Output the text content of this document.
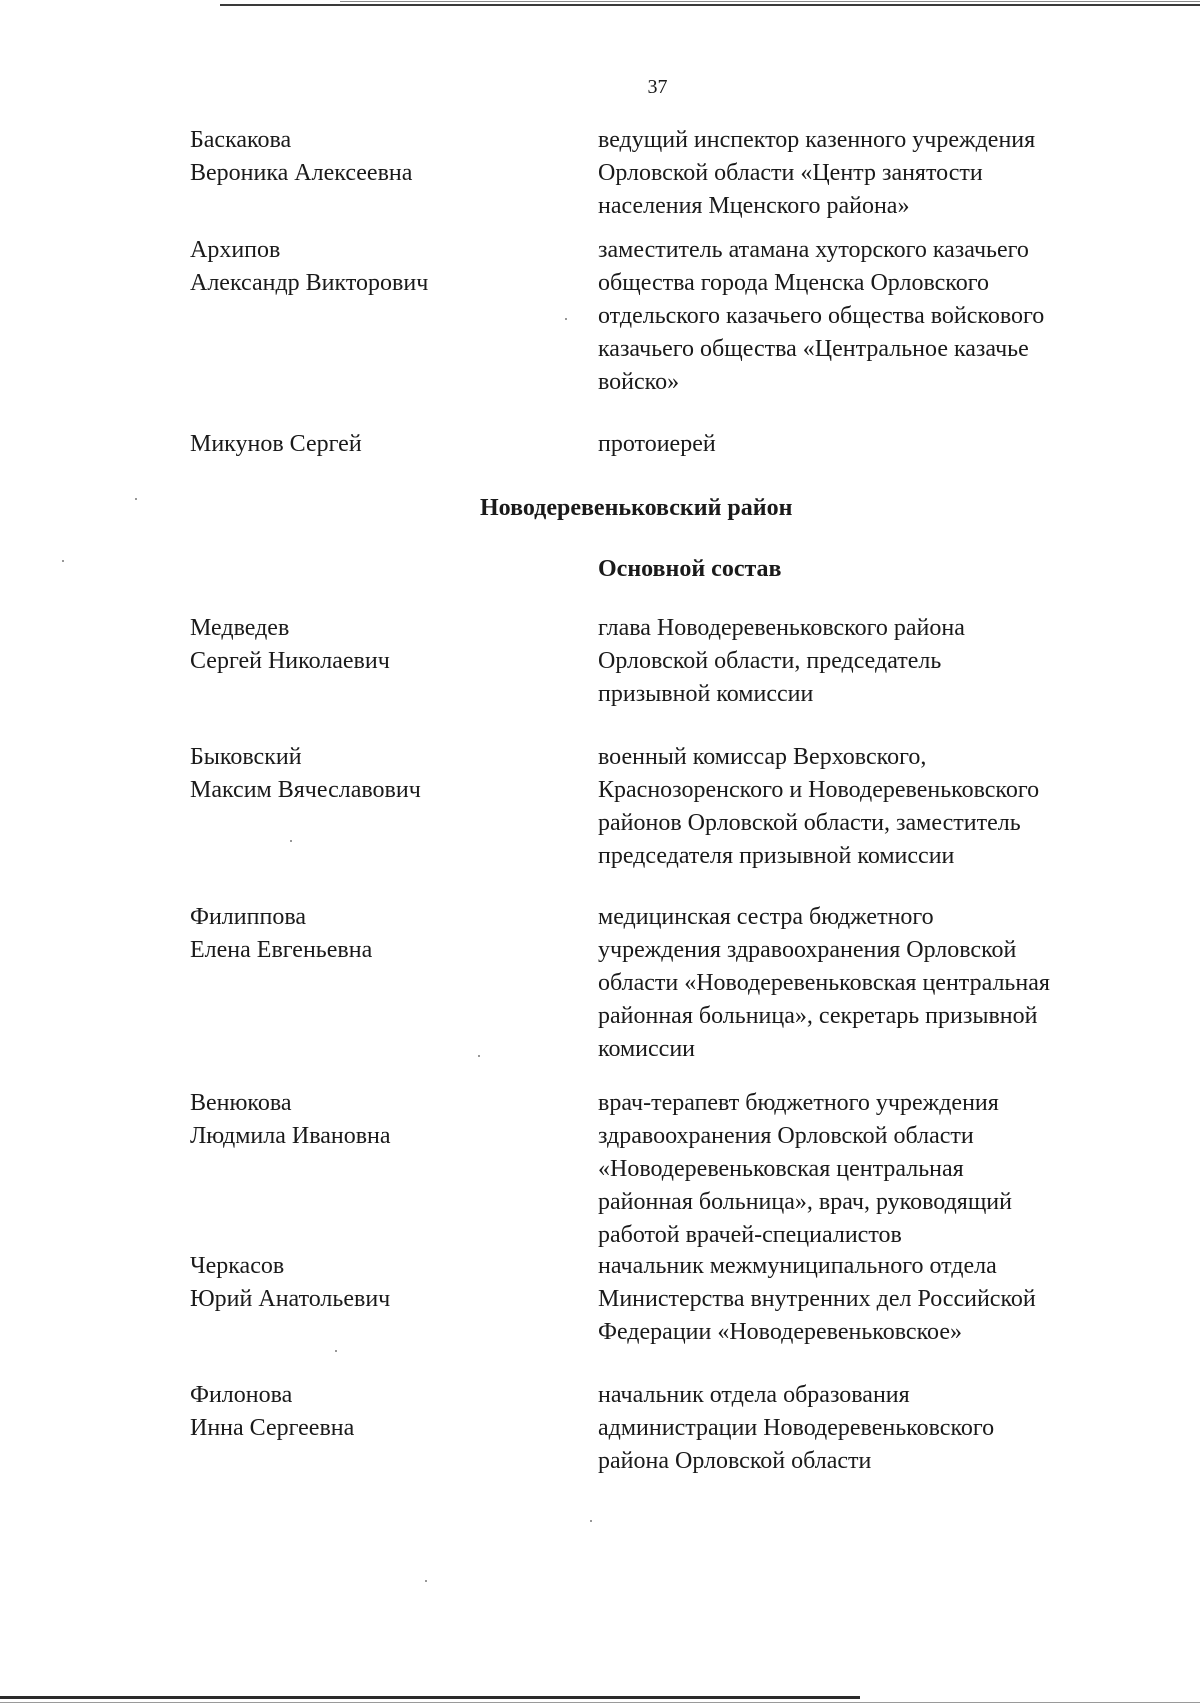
37
Баскакова
Вероника Алексеевна
ведущий инспектор казенного учреждения
Орловской области «Центр занятости
населения Мценского района»
Архипов
Александр Викторович
заместитель атамана хуторского казачьего
общества города Мценска Орловского
отдельского казачьего общества войскового
казачьего общества «Центральное казачье
войско»
Микунов Сергей	протоиерей
Новодеревеньковский район
Основной состав
Медведев
Сергей Николаевич
глава Новодеревеньковского района
Орловской области, председатель
призывной комиссии
Быковский
Максим Вячеславович
военный комиссар Верховского,
Краснозоренского и Новодеревеньковского
районов Орловской области, заместитель
председателя призывной комиссии
Филиппова
Елена Евгеньевна
медицинская сестра бюджетного
учреждения здравоохранения Орловской
области «Новодеревеньковская центральная
районная больница», секретарь призывной
комиссии
Венюкова
Людмила Ивановна
врач-терапевт бюджетного учреждения
здравоохранения Орловской области
«Новодеревеньковская центральная
районная больница», врач, руководящий
работой врачей-специалистов
Черкасов
Юрий Анатольевич
начальник межмуниципального отдела
Министерства внутренних дел Российской
Федерации «Новодеревеньковское»
Филонова
Инна Сергеевна
начальник отдела образования
администрации Новодеревеньковского
района Орловской области
